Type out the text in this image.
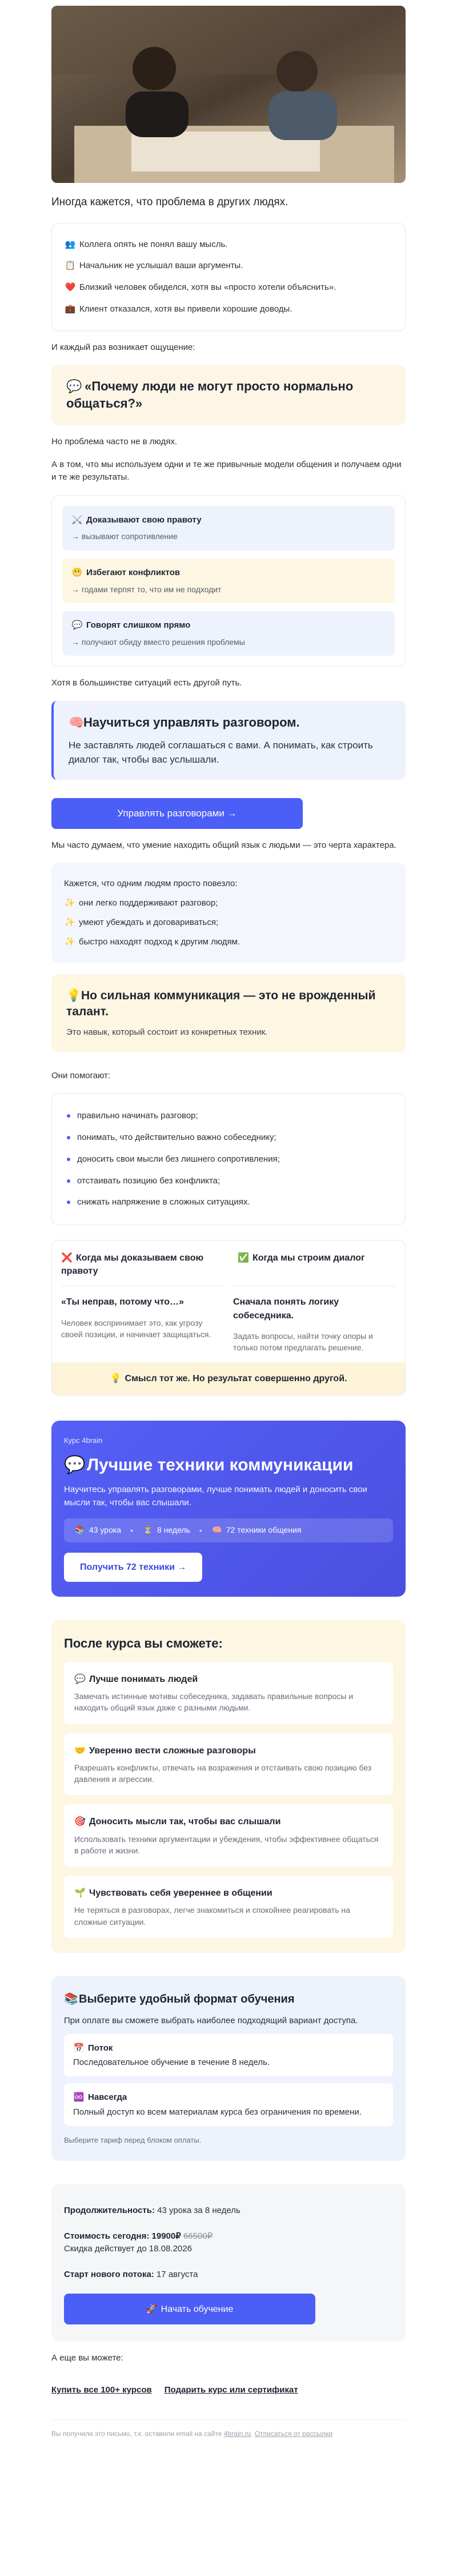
Иногда кажется, что проблема в других людях.

👥 Коллега опять не понял вашу мысль.
📋 Начальник не услышал ваши аргументы.
❤️ Близкий человек обиделся, хотя вы «просто хотели объяснить».
💼 Клиент отказался, хотя вы привели хорошие доводы.

И каждый раз возникает ощущение:

💬 «Почему люди не могут просто нормально общаться?»

Но проблема часто не в людях.

А в том, что мы используем одни и те же привычные модели общения и получаем одни и те же результаты.

⚔️ Доказывают свою правоту
→ вызывают сопротивление
😬 Избегают конфликтов
→ годами терпят то, что им не подходит
💬 Говорят слишком прямо
→ получают обиду вместо решения проблемы

Хотя в большинстве ситуаций есть другой путь.

🧠Научиться управлять разговором.
Не заставлять людей соглашаться с вами. А понимать, как строить диалог так, чтобы вас услышали.
Управлять разговорами →

Мы часто думаем, что умение находить общий язык с людьми — это черта характера.

Кажется, что одним людям просто повезло:
✨ они легко поддерживают разговор;
✨ умеют убеждать и договариваться;
✨ быстро находят подход к другим людям.
💡Но сильная коммуникация — это не врожденный талант.
Это навык, который состоит из конкретных техник.

Они помогают:

правильно начинать разговор;
понимать, что действительно важно собеседнику;
доносить свои мысли без лишнего сопротивления;
отстаивать позицию без конфликта;
снижать напряжение в сложных ситуациях.
❌ Когда мы доказываем свою правоту
✅ Когда мы строим диалог
«Ты неправ, потому что…»
Человек воспринимает это, как угрозу своей позиции, и начинает защищаться.
Сначала понять логику собеседника.
Задать вопросы, найти точку опоры и только потом предлагать решение.
💡 Смысл тот же. Но результат совершенно другой.
Курс 4brain
💬Лучшие техники коммуникации
Научитесь управлять разговорами, лучше понимать людей и доносить свои мысли так, чтобы вас слышали.
📚 43 урока • ⏳ 8 недель • 🧠 72 техники общения
Получить 72 техники →
После курса вы сможете:
💬 Лучше понимать людей
Замечать истинные мотивы собеседника, задавать правильные вопросы и находить общий язык даже с разными людьми.
🤝 Уверенно вести сложные разговоры
Разрешать конфликты, отвечать на возражения и отстаивать свою позицию без давления и агрессии.
🎯 Доносить мысли так, чтобы вас слышали
Использовать техники аргументации и убеждения, чтобы эффективнее общаться в работе и жизни.
🌱 Чувствовать себя увереннее в общении
Не теряться в разговорах, легче знакомиться и спокойнее реагировать на сложные ситуации.
📚Выберите удобный формат обучения
При оплате вы сможете выбрать наиболее подходящий вариант доступа.
📅 Поток
Последовательное обучение в течение 8 недель.
♾️ Навсегда
Полный доступ ко всем материалам курса без ограничения по времени.
Выберите тариф перед блоком оплаты.
Продолжительность: 43 урока за 8 недель
Стоимость сегодня: 19900₽ 66500₽
Скидка действует до 18.08.2026
Старт нового потока: 17 августа
🚀 Начать обучение

А еще вы можете:

Купить все 100+ курсов Подарить курс или сертификат
Вы получили это письмо, т.к. оставили email на сайте 4brain.ru. Отписаться от рассылки
